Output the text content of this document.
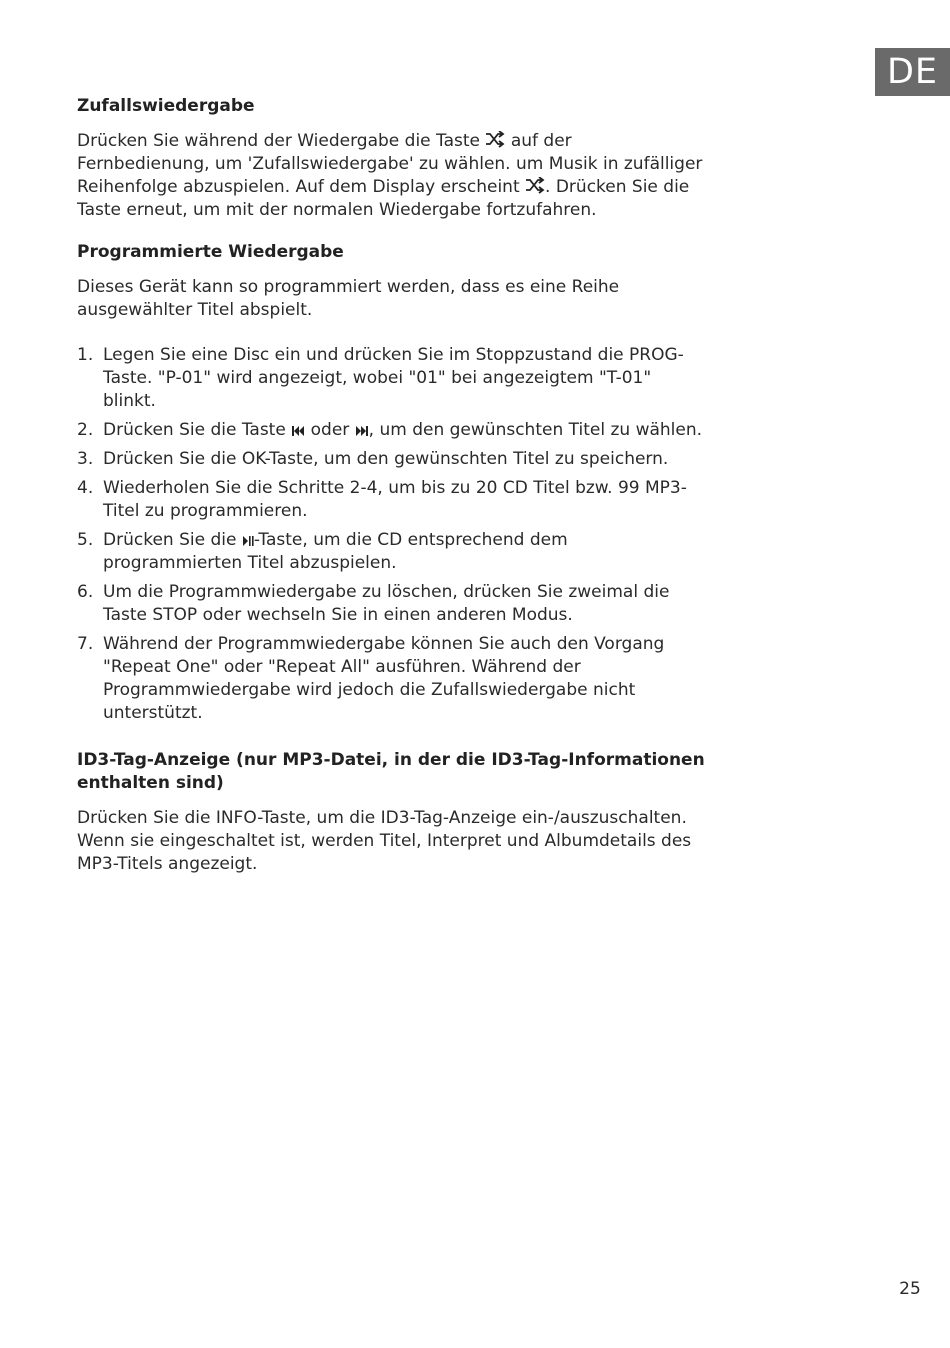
DE
Zufallswiedergabe

Drücken Sie während der Wiedergabe die Taste
auf der Fernbedienung, um 'Zufallswiedergabe' zu wählen. um Musik in zufälliger Reihenfolge abzuspielen. Auf dem Display erscheint
. Drücken Sie die Taste erneut, um mit der normalen Wiedergabe fortzufahren.

Programmierte Wiedergabe

Dieses Gerät kann so programmiert werden, dass es eine Reihe ausgewählter Titel abspielt.

1. Legen Sie eine Disc ein und drücken Sie im Stoppzustand die PROG-Taste. "P-01" wird angezeigt, wobei "01" bei angezeigtem "T-01" blinkt.
2. Drücken Sie die Taste
oder
, um den gewünschten Titel zu wählen.
3. Drücken Sie die OK-Taste, um den gewünschten Titel zu speichern.
4. Wiederholen Sie die Schritte 2-4, um bis zu 20 CD Titel bzw. 99 MP3-Titel zu programmieren.
5. Drücken Sie die
-Taste, um die CD entsprechend dem programmierten Titel abzuspielen.
6. Um die Programmwiedergabe zu löschen, drücken Sie zweimal die Taste STOP oder wechseln Sie in einen anderen Modus.
7. Während der Programmwiedergabe können Sie auch den Vorgang "Repeat One" oder "Repeat All" ausführen. Während der Programmwiedergabe wird jedoch die Zufallswiedergabe nicht unterstützt.
ID3-Tag-Anzeige (nur MP3-Datei, in der die ID3-Tag-Informationen enthalten sind)

Drücken Sie die INFO-Taste, um die ID3-Tag-Anzeige ein-/auszuschalten. Wenn sie eingeschaltet ist, werden Titel, Interpret und Albumdetails des MP3-Titels angezeigt.

25
